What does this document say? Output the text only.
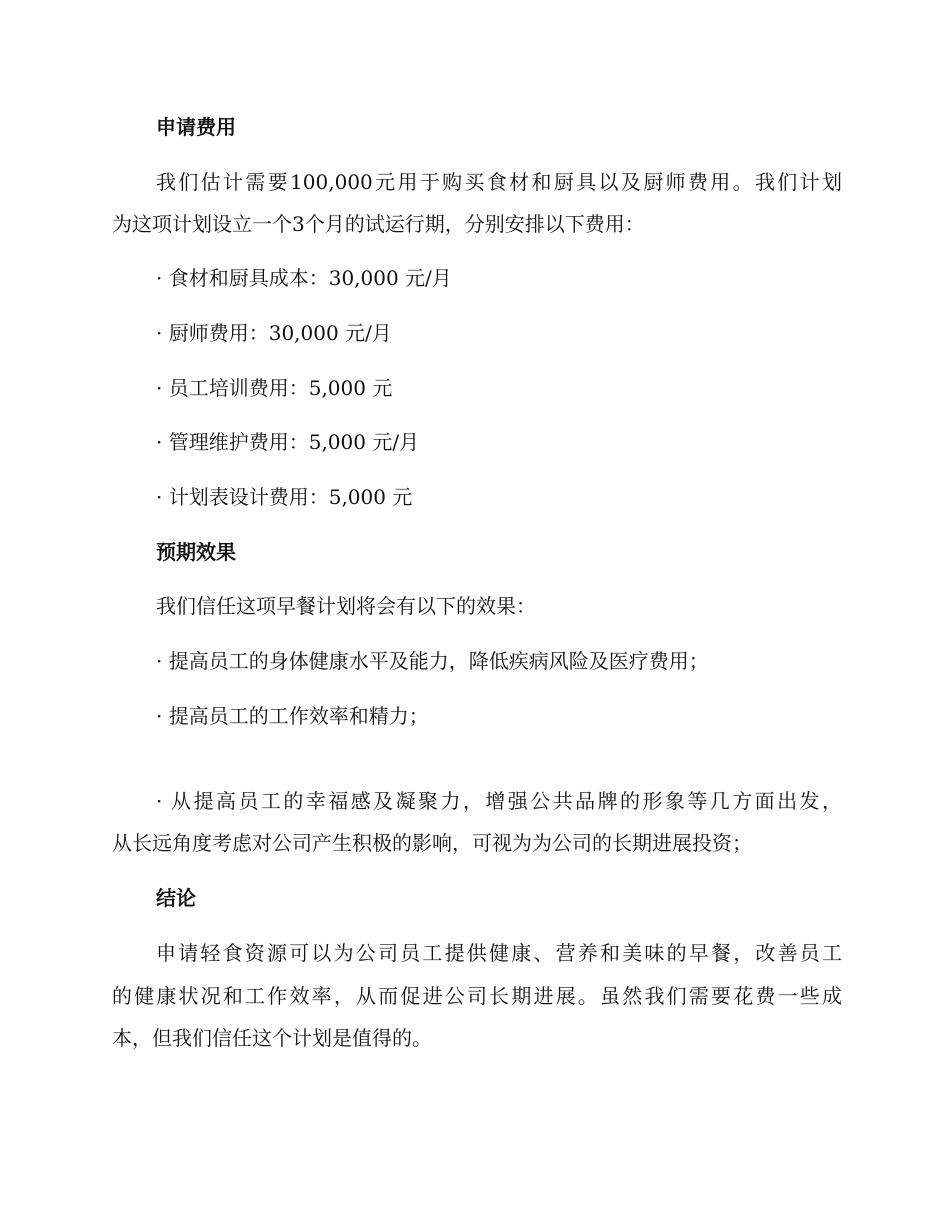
申请费用
我们估计需要100,000元用于购买食材和厨具以及厨师费用。我们计划
为这项计划设立一个3个月的试运行期，分别安排以下费用：
· 食材和厨具成本：30,000 元/月
· 厨师费用：30,000 元/月
· 员工培训费用：5,000 元
· 管理维护费用：5,000 元/月
· 计划表设计费用：5,000 元
预期效果
我们信任这项早餐计划将会有以下的效果：
· 提高员工的身体健康水平及能力，降低疾病风险及医疗费用；
· 提高员工的工作效率和精力；
· 从提高员工的幸福感及凝聚力，增强公共品牌的形象等几方面出发，
从长远角度考虑对公司产生积极的影响，可视为为公司的长期进展投资；
结论
申请轻食资源可以为公司员工提供健康、营养和美味的早餐，改善员工
的健康状况和工作效率，从而促进公司长期进展。虽然我们需要花费一些成
本，但我们信任这个计划是值得的。
